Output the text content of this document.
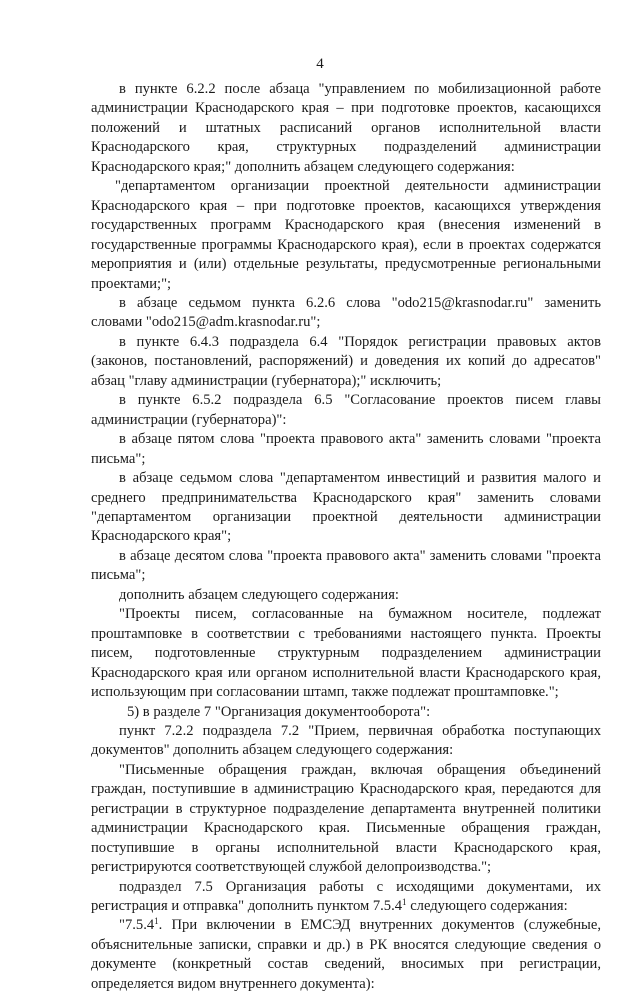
4

в пункте 6.2.2 после абзаца "управлением по мобилизационной работе администрации Краснодарского края – при подготовке проектов, касающихся положений и штатных расписаний органов исполнительной власти Краснодарского края, структурных подразделений администрации Краснодарского края;" дополнить абзацем следующего содержания:

"департаментом организации проектной деятельности администрации Краснодарского края – при подготовке проектов, касающихся утверждения государственных программ Краснодарского края (внесения изменений в государственные программы Краснодарского края), если в проектах содержатся мероприятия и (или) отдельные результаты, предусмотренные региональными проектами;";

в абзаце седьмом пункта 6.2.6 слова "odo215@krasnodar.ru" заменить словами "odo215@adm.krasnodar.ru";

в пункте 6.4.3 подраздела 6.4 "Порядок регистрации правовых актов (законов, постановлений, распоряжений) и доведения их копий до адресатов" абзац "главу администрации (губернатора);" исключить;

в пункте 6.5.2 подраздела 6.5 "Согласование проектов писем главы администрации (губернатора)":

в абзаце пятом слова "проекта правового акта" заменить словами "проекта письма";

в абзаце седьмом слова "департаментом инвестиций и развития малого и среднего предпринимательства Краснодарского края" заменить словами "департаментом организации проектной деятельности администрации Краснодарского края";

в абзаце десятом слова "проекта правового акта" заменить словами "проекта письма";

дополнить абзацем следующего содержания:

"Проекты писем, согласованные на бумажном носителе, подлежат проштамповке в соответствии с требованиями настоящего пункта. Проекты писем, подготовленные структурным подразделением администрации Краснодарского края или органом исполнительной власти Краснодарского края, использующим при согласовании штамп, также подлежат проштамповке.";

5) в разделе 7 "Организация документооборота":

пункт 7.2.2 подраздела 7.2 "Прием, первичная обработка поступающих документов" дополнить абзацем следующего содержания:

"Письменные обращения граждан, включая обращения объединений граждан, поступившие в администрацию Краснодарского края, передаются для регистрации в структурное подразделение департамента внутренней политики администрации Краснодарского края. Письменные обращения граждан, поступившие в органы исполнительной власти Краснодарского края, регистрируются соответствующей службой делопроизводства.";

подраздел 7.5 Организация работы с исходящими документами, их регистрация и отправка" дополнить пунктом 7.5.4$^1$ следующего содержания:

"7.5.4$^1$. При включении в ЕМСЭД внутренних документов (служебные, объяснительные записки, справки и др.) в РК вносятся следующие сведения о документе (конкретный состав сведений, вносимых при регистрации, определяется видом внутреннего документа):
